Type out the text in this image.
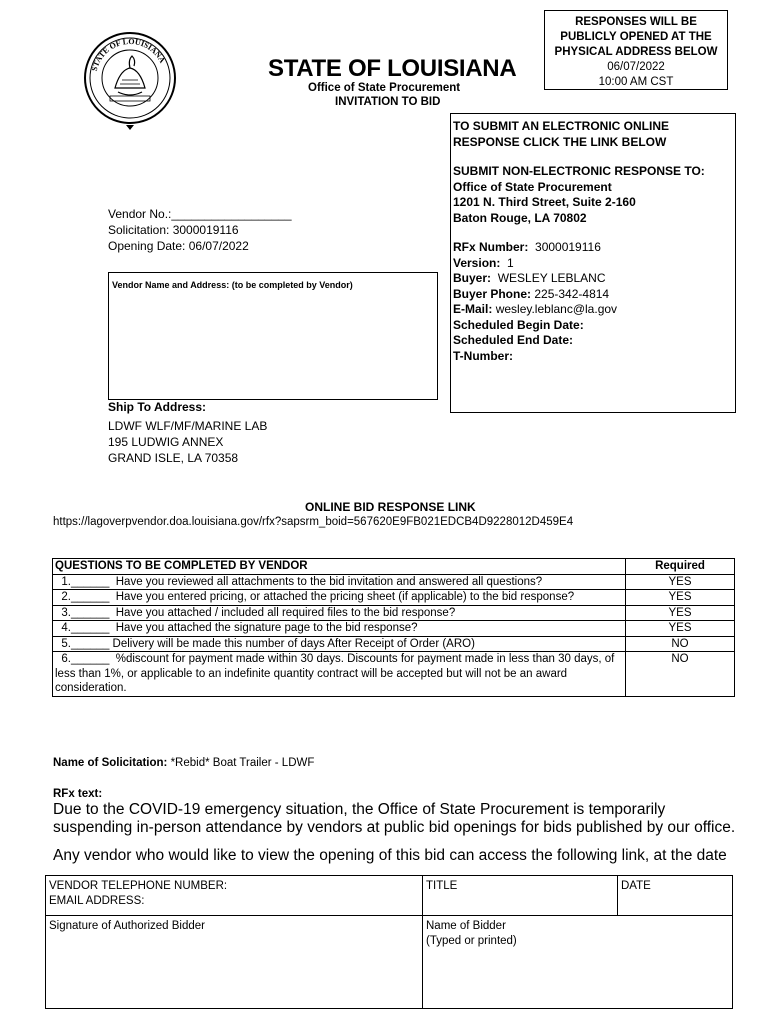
STATE OF LOUISIANA
RESPONSES WILL BE
PUBLICLY OPENED AT THE
PHYSICAL ADDRESS BELOW
06/07/2022
10:00 AM CST
STATE OF LOUISIANA
Office of State Procurement
INVITATION TO BID
TO SUBMIT AN ELECTRONIC ONLINE
RESPONSE CLICK THE LINK BELOW
SUBMIT NON-ELECTRONIC RESPONSE TO:
Office of State Procurement
1201 N. Third Street, Suite 2-160
Baton Rouge, LA 70802
RFx Number: 3000019116
Version: 1
Buyer: WESLEY LEBLANC
Buyer Phone: 225-342-4814
E-Mail: wesley.leblanc@la.gov
Scheduled Begin Date:
Scheduled End Date:
T-Number:
Vendor No.:__________________
Solicitation: 3000019116
Opening Date: 06/07/2022
Vendor Name and Address: (to be completed by Vendor)
Ship To Address:
LDWF WLF/MF/MARINE LAB
195 LUDWIG ANNEX
GRAND ISLE, LA 70358
ONLINE BID RESPONSE LINK
https://lagoverpvendor.doa.louisiana.gov/rfx?sapsrm_boid=567620E9FB021EDCB4D9228012D459E4
QUESTIONS TO BE COMPLETED BY VENDOR	Required
1.______  Have you reviewed all attachments to the bid invitation and answered all questions?	YES
2.______  Have you entered pricing, or attached the pricing sheet (if applicable) to the bid response?	YES
3.______  Have you attached / included all required files to the bid response?	YES
4.______  Have you attached the signature page to the bid response?	YES
5.______ Delivery will be made this number of days After Receipt of Order (ARO)	NO
6.______  %discount for payment made within 30 days. Discounts for payment made in less than 30 days, of less than 1%, or applicable to an indefinite quantity contract will be accepted but will not be an award consideration.	NO
Name of Solicitation: *Rebid* Boat Trailer - LDWF
RFx text:
Due to the COVID-19 emergency situation, the Office of State Procurement is temporarily suspending in-person attendance by vendors at public bid openings for bids published by our office.
Any vendor who would like to view the opening of this bid can access the following link, at the date
VENDOR TELEPHONE NUMBER:
EMAIL ADDRESS:	TITLE	DATE

Signature of Authorized Bidder	Name of Bidder
(Typed or printed)	
